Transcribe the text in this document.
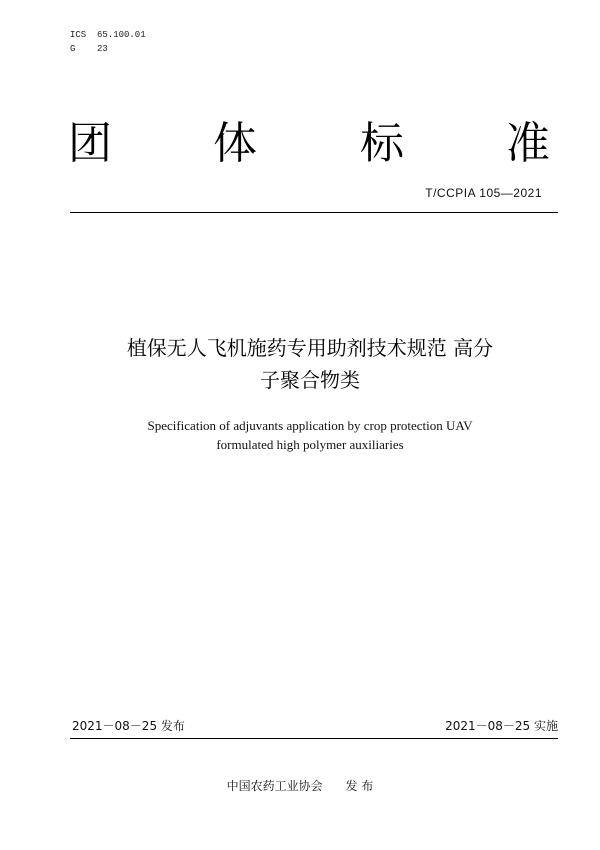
ICS  65.100.01
G    23
团 体 标 准
T/CCPIA 105—2021
植保无人飞机施药专用助剂技术规范 高分
子聚合物类
Specification of adjuvants application by crop protection UAV
formulated high polymer auxiliaries
2021－08－25 发布	2021－08－25 实施
中国农药工业协会      发 布
